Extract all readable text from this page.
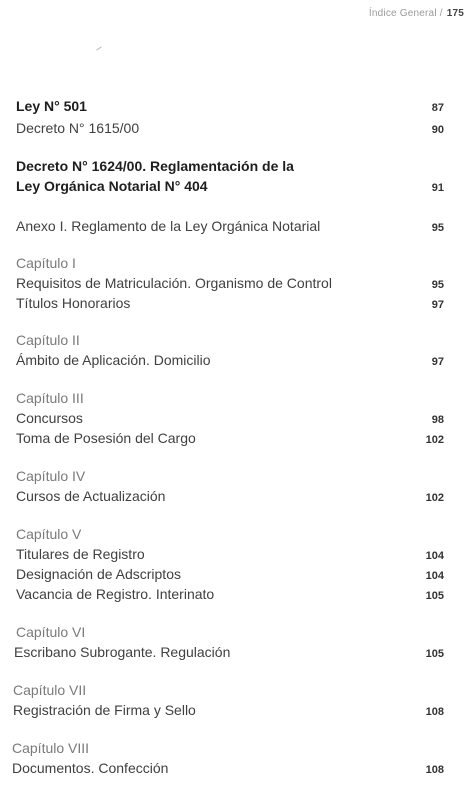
Índice General / 175
Ley N° 501	87
Decreto N° 1615/00	90
Decreto N° 1624/00. Reglamentación de la
Ley Orgánica Notarial N° 404	91
Anexo I. Reglamento de la Ley Orgánica Notarial	95
Capítulo I
Requisitos de Matriculación. Organismo de Control	95
Títulos Honorarios	97
Capítulo II
Ámbito de Aplicación. Domicilio	97
Capítulo III
Concursos	98
Toma de Posesión del Cargo	102
Capítulo IV
Cursos de Actualización	102
Capítulo V
Titulares de Registro	104
Designación de Adscriptos	104
Vacancia de Registro. Interinato	105
Capítulo VI
Escribano Subrogante. Regulación	105
Capítulo VII
Registración de Firma y Sello	108
Capítulo VIII
Documentos. Confección	108
